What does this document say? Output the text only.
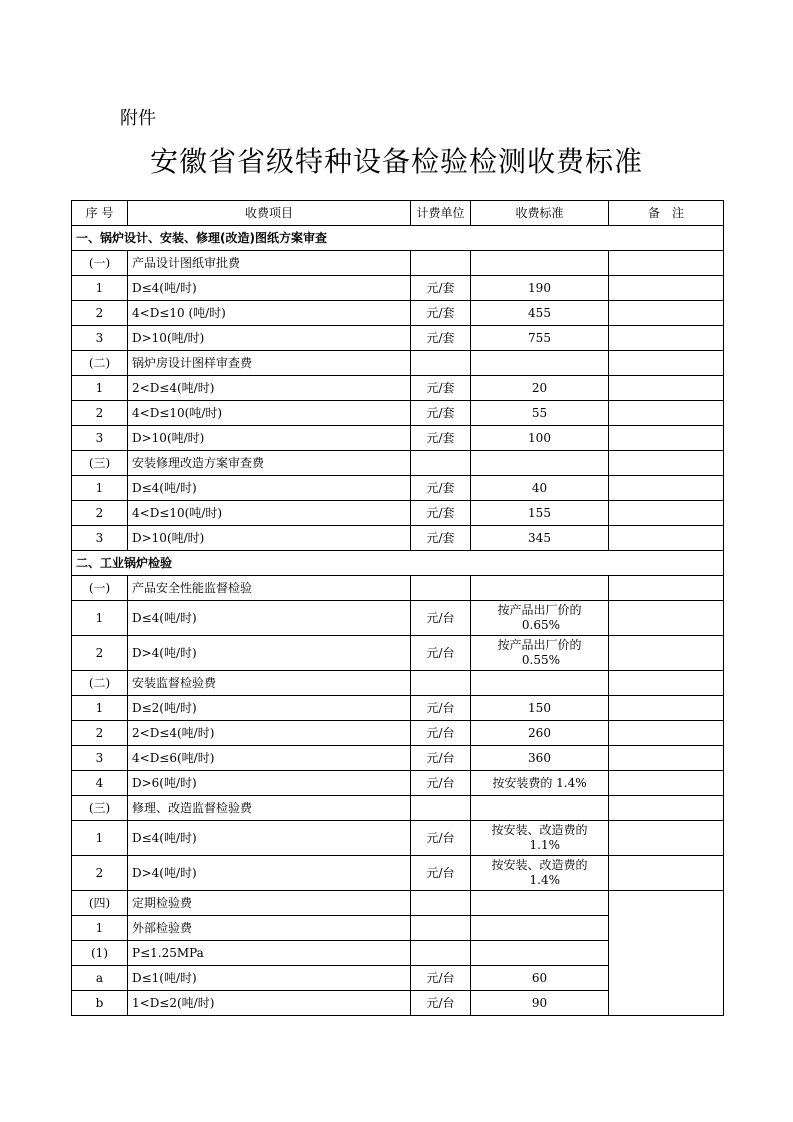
附件
安徽省省级特种设备检验检测收费标准
序 号	收费项目	计费单位	收费标准	备　注
一、锅炉设计、安装、修理(改造)图纸方案审查				
(一)	产品设计图纸审批费			
1	D≤4(吨/时)	元/套	190	
2	4<D≤10 (吨/时)	元/套	455	
3	D>10(吨/时)	元/套	755	
(二)	锅炉房设计图样审查费			
1	2<D≤4(吨/时)	元/套	20	
2	4<D≤10(吨/时)	元/套	55	
3	D>10(吨/时)	元/套	100	
(三)	安装修理改造方案审查费			
1	D≤4(吨/时)	元/套	40	
2	4<D≤10(吨/时)	元/套	155	
3	D>10(吨/时)	元/套	345	
二、工业锅炉检验				
(一)	产品安全性能监督检验			
1	D≤4(吨/时)	元/台	按产品出厂价的
0.65%	

2	D>4(吨/时)	元/台	按产品出厂价的
0.55%	

(二)	安装监督检验费			
1	D≤2(吨/时)	元/台	150	
2	2<D≤4(吨/时)	元/台	260	
3	4<D≤6(吨/时)	元/台	360	
4	D>6(吨/时)	元/台	按安装费的 1.4%	
(三)	修理、改造监督检验费			
1	D≤4(吨/时)	元/台	按安装、改造费的
1.1%	

2	D>4(吨/时)	元/台	按安装、改造费的
1.4%	

(四)	定期检验费			
1	外部检验费			
(1)	P≤1.25MPa			
a	D≤1(吨/时)	元/台	60	
b	1<D≤2(吨/时)	元/台	90	
